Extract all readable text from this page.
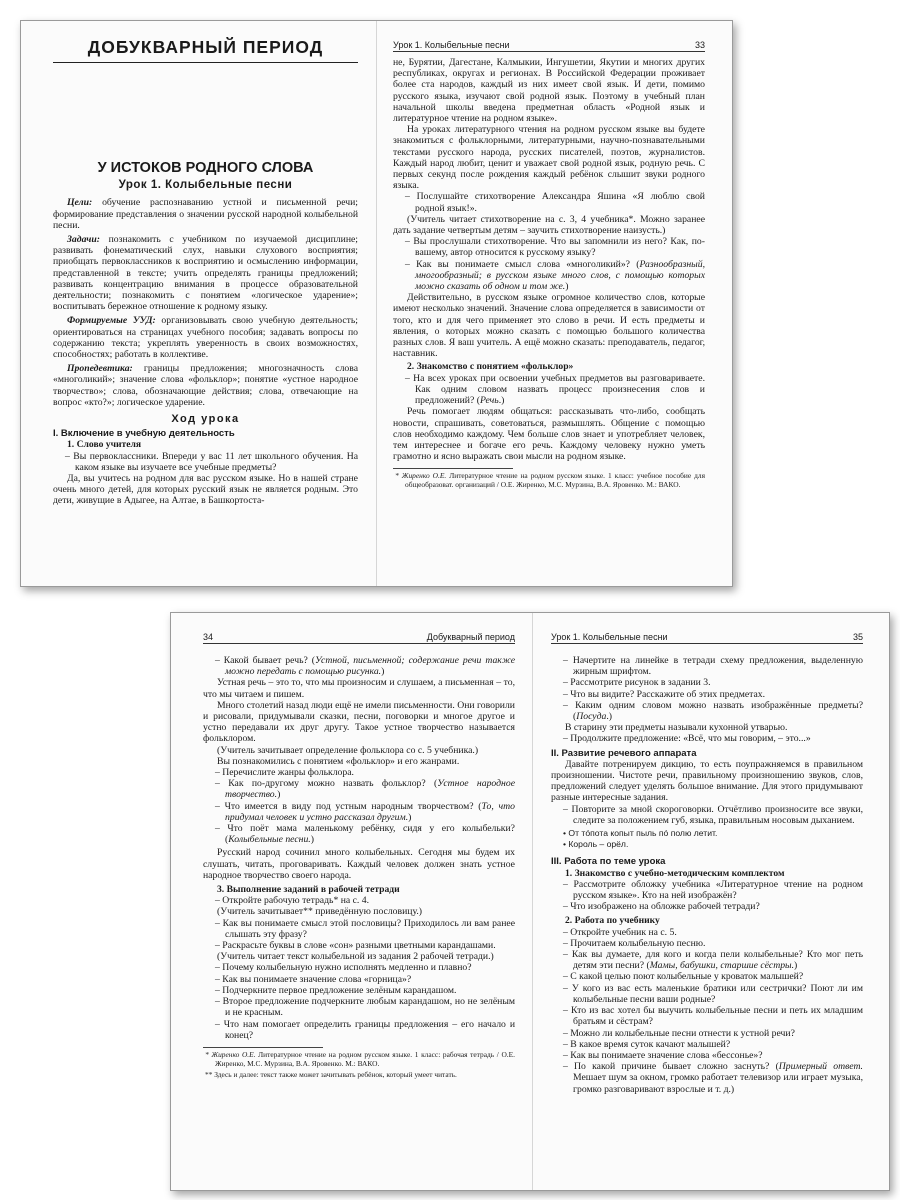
ДОБУКВАРНЫЙ ПЕРИОД
У ИСТОКОВ РОДНОГО СЛОВА
Урок 1. Колыбельные песни

Цели: обучение распознаванию устной и письменной речи; формирование представления о значении русской народной колыбельной песни.

Задачи: познакомить с учебником по изучаемой дисциплине; развивать фонематический слух, навыки слухового восприятия; приобщать первоклассников к восприятию и осмыслению информации, представленной в тексте; учить определять границы предложений; развивать концентрацию внимания в процессе образовательной деятельности; познакомить с понятием «логическое ударение»; воспитывать бережное отношение к родному языку.

Формируемые УУД: организовывать свою учебную деятельность; ориентироваться на страницах учебного пособия; задавать вопросы по содержанию текста; укреплять уверенность в своих возможностях, способностях; работать в коллективе.

Пропедевтика: границы предложения; многозначность слова «многоликий»; значение слова «фольклор»; понятие «устное народное творчество»; слова, обозначающие действия; слова, отвечающие на вопрос «кто?»; логическое ударение.

Ход урока
I. Включение в учебную деятельность
1. Слово учителя

– Вы первоклассники. Впереди у вас 11 лет школьного обучения. На каком языке вы изучаете все учебные предметы?

Да, вы учитесь на родном для вас русском языке. Но в нашей стране очень много детей, для которых русский язык не является родным. Это дети, живущие в Адыгее, на Алтае, в Башкортоста-

Урок 1. Колыбельные песни	33

не, Бурятии, Дагестане, Калмыкии, Ингушетии, Якутии и многих других республиках, округах и регионах. В Российской Федерации проживает более ста народов, каждый из них имеет свой язык. И дети, помимо русского языка, изучают свой родной язык. Поэтому в учебный план начальной школы введена предметная область «Родной язык и литературное чтение на родном языке».

На уроках литературного чтения на родном русском языке вы будете знакомиться с фольклорными, литературными, научно-познавательными текстами русского народа, русских писателей, поэтов, журналистов. Каждый народ любит, ценит и уважает свой родной язык, родную речь. С первых секунд после рождения каждый ребёнок слышит звуки родного языка.

– Послушайте стихотворение Александра Яшина «Я люблю свой родной язык!».

(Учитель читает стихотворение на с. 3, 4 учебника*. Можно заранее дать задание четвертым детям – заучить стихотворение наизусть.)

– Вы прослушали стихотворение. Что вы запомнили из него? Как, по-вашему, автор относится к русскому языку?

– Как вы понимаете смысл слова «многоликий»? (Разнообразный, многообразный; в русском языке много слов, с помощью которых можно сказать об одном и том же.)

Действительно, в русском языке огромное количество слов, которые имеют несколько значений. Значение слова определяется в зависимости от того, кто и для чего применяет это слово в речи. И есть предметы и явления, о которых можно сказать с помощью большого количества разных слов. Я ваш учитель. А ещё можно сказать: преподаватель, педагог, наставник.

2. Знакомство с понятием «фольклор»

– На всех уроках при освоении учебных предметов вы разговариваете. Как одним словом назвать процесс произнесения слов и предложений? (Речь.)

Речь помогает людям общаться: рассказывать что-либо, сообщать новости, спрашивать, советоваться, размышлять. Общение с помощью слов необходимо каждому. Чем больше слов знает и употребляет человек, тем интереснее и богаче его речь. Каждому человеку нужно уметь грамотно и ясно выражать свои мысли на родном языке.

* Жиренко О.Е. Литературное чтение на родном русском языке. 1 класс: учебное пособие для общеобразоват. организаций / О.Е. Жиренко, М.С. Мурзина, В.А. Яровенко. М.: ВАКО.

34	Добукварный период

– Какой бывает речь? (Устной, письменной; содержание речи также можно передать с помощью рисунка.)

Устная речь – это то, что мы произносим и слушаем, а письменная – то, что мы читаем и пишем.

Много столетий назад люди ещё не имели письменности. Они говорили и рисовали, придумывали сказки, песни, поговорки и многое другое и устно передавали их друг другу. Такое устное творчество называется фольклором.

(Учитель зачитывает определение фольклора со с. 5 учебника.)

Вы познакомились с понятием «фольклор» и его жанрами.

– Перечислите жанры фольклора.

– Как по-другому можно назвать фольклор? (Устное народное творчество.)

– Что имеется в виду под устным народным творчеством? (То, что придумал человек и устно рассказал другим.)

– Что поёт мама маленькому ребёнку, сидя у его колыбельки? (Колыбельные песни.)

Русский народ сочинил много колыбельных. Сегодня мы будем их слушать, читать, проговаривать. Каждый человек должен знать устное народное творчество своего народа.

3. Выполнение заданий в рабочей тетради

– Откройте рабочую тетрадь* на с. 4.

(Учитель зачитывает** приведённую пословицу.)

– Как вы понимаете смысл этой пословицы? Приходилось ли вам ранее слышать эту фразу?

– Раскрасьте буквы в слове «сон» разными цветными карандашами.

(Учитель читает текст колыбельной из задания 2 рабочей тетради.)

– Почему колыбельную нужно исполнять медленно и плавно?

– Как вы понимаете значение слова «горница»?

– Подчеркните первое предложение зелёным карандашом.

– Второе предложение подчеркните любым карандашом, но не зелёным и не красным.

– Что нам помогает определить границы предложения – его начало и конец?

* Жиренко О.Е. Литературное чтение на родном русском языке. 1 класс: рабочая тетрадь / О.Е. Жиренко, М.С. Мурзина, В.А. Яровенко. М.: ВАКО.

** Здесь и далее: текст также может зачитывать ребёнок, который умеет читать.

Урок 1. Колыбельные песни	35

– Начертите на линейке в тетради схему предложения, выделенную жирным шрифтом.

– Рассмотрите рисунок в задании 3.

– Что вы видите? Расскажите об этих предметах.

– Каким одним словом можно назвать изображённые предметы? (Посуда.)

В старину эти предметы называли кухонной утварью.

– Продолжите предложение: «Всё, что мы говорим, – это...»

II. Развитие речевого аппарата

Давайте потренируем дикцию, то есть поупражняемся в правильном произношении. Чистоте речи, правильному произношению звуков, слов, предложений следует уделять большое внимание. Для этого придумывают разные интересные задания.

– Повторите за мной скороговорки. Отчётливо произносите все звуки, следите за положением губ, языка, правильным носовым дыханием.

• От тóпота копыт пыль пó полю летит.

• Король – орёл.

III. Работа по теме урока
1. Знакомство с учебно-методическим комплектом

– Рассмотрите обложку учебника «Литературное чтение на родном русском языке». Кто на ней изображён?

– Что изображено на обложке рабочей тетради?

2. Работа по учебнику

– Откройте учебник на с. 5.

– Прочитаем колыбельную песню.

– Как вы думаете, для кого и когда пели колыбельные? Кто мог петь детям эти песни? (Мамы, бабушки, старшие сёстры.)

– С какой целью поют колыбельные у кроваток малышей?

– У кого из вас есть маленькие братики или сестрички? Поют ли им колыбельные песни ваши родные?

– Кто из вас хотел бы выучить колыбельные песни и петь их младшим братьям и сёстрам?

– Можно ли колыбельные песни отнести к устной речи?

– В какое время суток качают малышей?

– Как вы понимаете значение слова «бессонье»?

– По какой причине бывает сложно заснуть? (Примерный ответ. Мешает шум за окном, громко работает телевизор или играет музыка, громко разговаривают взрослые и т. д.)
